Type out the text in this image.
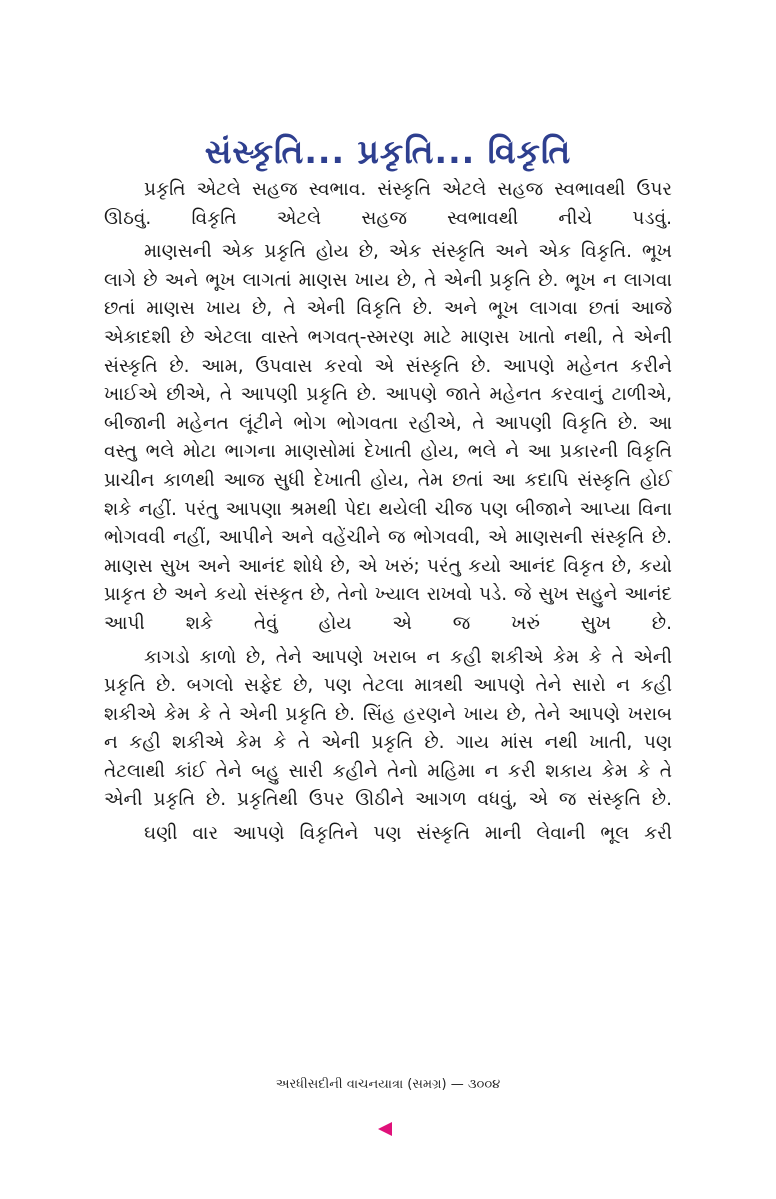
સંસ્કૃતિ... પ્રકૃતિ... વિકૃતિ

પ્રકૃતિ એટલે સહજ સ્વભાવ. સંસ્કૃતિ એટલે સહજ સ્વભાવથી ઉપર ઊઠવું. વિકૃતિ એટલે સહજ સ્વભાવથી નીચે પડવું.

માણસની એક પ્રકૃતિ હોય છે, એક સંસ્કૃતિ અને એક વિકૃતિ. ભૂખ લાગે છે અને ભૂખ લાગતાં માણસ ખાય છે, તે એની પ્રકૃતિ છે. ભૂખ ન લાગવા છતાં માણસ ખાય છે, તે એની વિકૃતિ છે. અને ભૂખ લાગવા છતાં આજે એકાદશી છે એટલા વાસ્તે ભગવત્-સ્મરણ માટે માણસ ખાતો નથી, તે એની સંસ્કૃતિ છે. આમ, ઉપવાસ કરવો એ સંસ્કૃતિ છે. આપણે મહેનત કરીને ખાઈએ છીએ, તે આપણી પ્રકૃતિ છે. આપણે જાતે મહેનત કરવાનું ટાળીએ, બીજાની મહેનત લૂંટીને ભોગ ભોગવતા રહીએ, તે આપણી વિકૃતિ છે. આ વસ્તુ ભલે મોટા ભાગના માણસોમાં દેખાતી હોય, ભલે ને આ પ્રકારની વિકૃતિ પ્રાચીન કાળથી આજ સુધી દેખાતી હોય, તેમ છતાં આ કદાપિ સંસ્કૃતિ હોઈ શકે નહીં. પરંતુ આપણા શ્રમથી પેદા થયેલી ચીજ પણ બીજાને આપ્યા વિના ભોગવવી નહીં, આપીને અને વહેંચીને જ ભોગવવી, એ માણસની સંસ્કૃતિ છે. માણસ સુખ અને આનંદ શોધે છે, એ ખરું; પરંતુ કયો આનંદ વિકૃત છે, કયો પ્રાકૃત છે અને કયો સંસ્કૃત છે, તેનો ખ્યાલ રાખવો પડે. જે સુખ સહુને આનંદ આપી શકે તેવું હોય એ જ ખરું સુખ છે.

કાગડો કાળો છે, તેને આપણે ખરાબ ન કહી શકીએ કેમ કે તે એની પ્રકૃતિ છે. બગલો સફેદ છે, પણ તેટલા માત્રથી આપણે તેને સારો ન કહી શકીએ કેમ કે તે એની પ્રકૃતિ છે. સિંહ હરણને ખાય છે, તેને આપણે ખરાબ ન કહી શકીએ કેમ કે તે એની પ્રકૃતિ છે. ગાય માંસ નથી ખાતી, પણ તેટલાથી કાંઈ તેને બહુ સારી કહીને તેનો મહિમા ન કરી શકાય કેમ કે તે એની પ્રકૃતિ છે. પ્રકૃતિથી ઉપર ઊઠીને આગળ વધવું, એ જ સંસ્કૃતિ છે.

ઘણી વાર આપણે વિકૃતિને પણ સંસ્કૃતિ માની લેવાની ભૂલ કરી

અરધીસદીની વાચનયાત્રા (સમગ્ર) — ૩૦૦૪
